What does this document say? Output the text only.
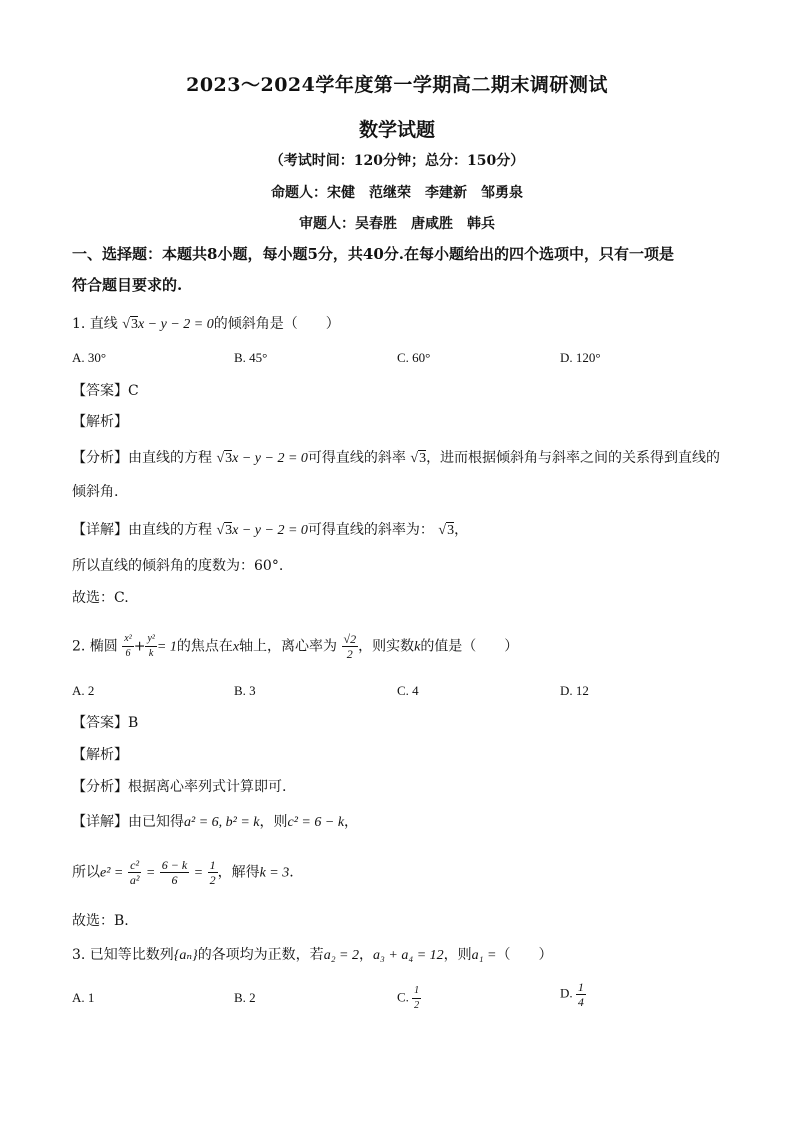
2023～2024学年度第一学期高二期末调研测试
数学试题
（考试时间：120分钟；总分：150分）
命题人：宋健　范继荣　李建新　邹勇泉
审题人：吴春胜　唐咸胜　韩兵
一、选择题：本题共8小题，每小题5分，共40分.在每小题给出的四个选项中，只有一项是
符合题目要求的.
1. 直线 √3x − y − 2 = 0的倾斜角是（　　）
A. 30°	B. 45°	C. 60°	D. 120°
【答案】C
【解析】
【分析】由直线的方程 √3x − y − 2 = 0可得直线的斜率 √3，进而根据倾斜角与斜率之间的关系得到直线的
倾斜角.
【详解】由直线的方程 √3x − y − 2 = 0可得直线的斜率为： √3，
所以直线的倾斜角的度数为：60°.
故选：C.
2. 椭圆 $\frac{\text{x²}}{6} + \frac{\text{y²}}{k} = 1$的焦点在x轴上，离心率为 $\frac{√2}{2}$ ，则实数k的值是（　　）
A. 2	B. 3	C. 4	D. 12
【答案】B
【解析】
【分析】根据离心率列式计算即可.
【详解】由已知得a² = 6, b² = k，则c² = 6 − k，
所以$e^2 = \frac{\text{c²}}{\text{a²}} = \frac{6 - k}{6} = \frac{1}{2}$ ，解得k = 3.
故选：B.
3. 已知等比数列{aₙ}的各项均为正数，若a₂ = 2，a₃ + a₄ = 12，则a₁ =（　　）
A. 1	B. 2	C. $\frac{1}{2}$	D. $\frac{1}{4}$
